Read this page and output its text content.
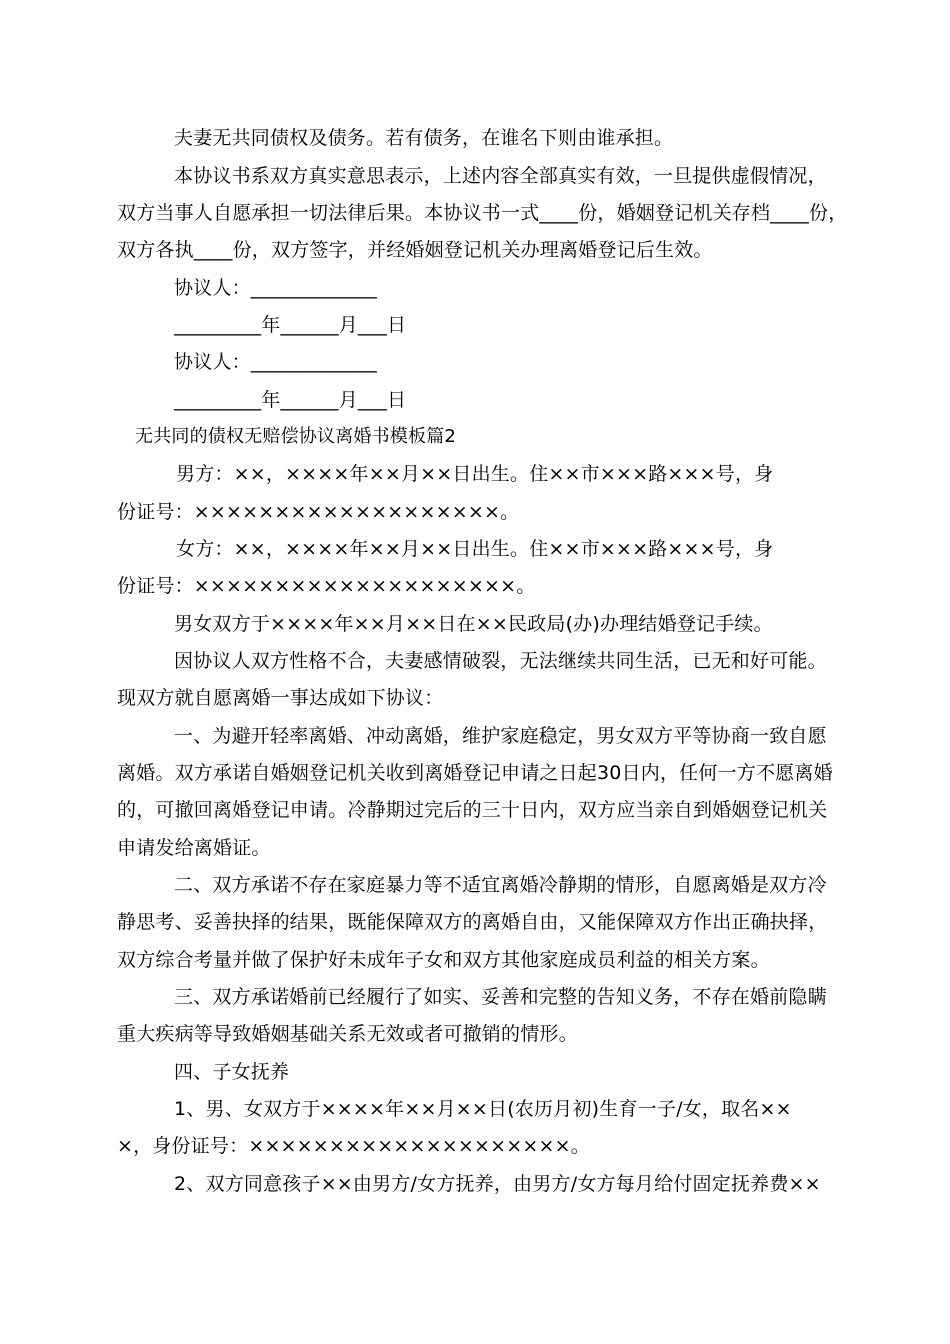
夫妻无共同债权及债务。若有债务，在谁名下则由谁承担。
本协议书系双方真实意思表示，上述内容全部真实有效，一旦提供虚假情况，
双方当事人自愿承担一切法律后果。本协议书一式____份，婚姻登记机关存档____份，
双方各执____份，双方签字，并经婚姻登记机关办理离婚登记后生效。
协议人：_____________
_________年______月___日
协议人：_____________
_________年______月___日
无共同的债权无赔偿协议离婚书模板篇2
男方：××，××××年××月××日出生。住××市×××路×××号，身
份证号：×××××××××××××××××××。
女方：××，××××年××月××日出生。住××市×××路×××号，身
份证号：××××××××××××××××××××。
男女双方于××××年××月××日在××民政局(办)办理结婚登记手续。
因协议人双方性格不合，夫妻感情破裂，无法继续共同生活，已无和好可能。
现双方就自愿离婚一事达成如下协议：
一、为避开轻率离婚、冲动离婚，维护家庭稳定，男女双方平等协商一致自愿
离婚。双方承诺自婚姻登记机关收到离婚登记申请之日起30日内，任何一方不愿离婚
的，可撤回离婚登记申请。冷静期过完后的三十日内，双方应当亲自到婚姻登记机关
申请发给离婚证。
二、双方承诺不存在家庭暴力等不适宜离婚冷静期的情形，自愿离婚是双方冷
静思考、妥善抉择的结果，既能保障双方的离婚自由，又能保障双方作出正确抉择，
双方综合考量并做了保护好未成年子女和双方其他家庭成员利益的相关方案。
三、双方承诺婚前已经履行了如实、妥善和完整的告知义务，不存在婚前隐瞒
重大疾病等导致婚姻基础关系无效或者可撤销的情形。
四、子女抚养
1、男、女双方于××××年××月××日(农历月初)生育一子/女，取名××
×，身份证号：××××××××××××××××××××。
2、双方同意孩子××由男方/女方抚养，由男方/女方每月给付固定抚养费××
